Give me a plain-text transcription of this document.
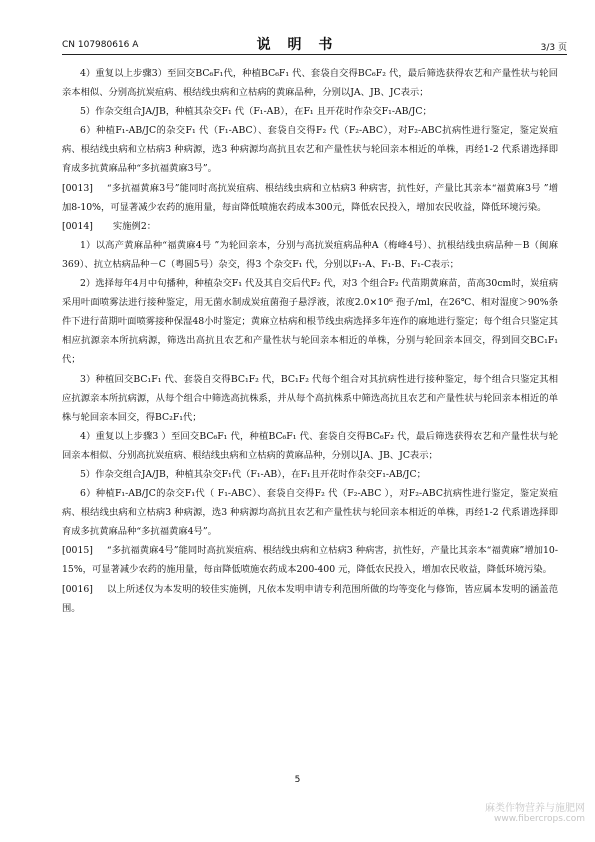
CN 107980616 A	说 明 书	3/3 页

4）重复以上步骤3）至回交BC₆F₁代，种植BC₆F₁ 代、套袋自交得BC₆F₂ 代，最后筛选获得农艺和产量性状与轮回亲本相似、分别高抗炭疽病、根结线虫病和立枯病的黄麻品种，分别以JA、JB、JC表示；

5）作杂交组合JA/JB，种植其杂交F₁ 代（F₁-AB），在F₁ 且开花时作杂交F₁-AB/JC；

6）种植F₁-AB/JC的杂交F₁ 代（F₁-ABC）、套袋自交得F₂ 代（F₂-ABC），对F₂-ABC抗病性进行鉴定，鉴定炭疽病、根结线虫病和立枯病3 种病源，选3 种病源均高抗且农艺和产量性状与轮回亲本相近的单株，再经1-2 代系谱选择即育成多抗黄麻品种“多抗福黄麻3号”。

[0013] “多抗福黄麻3号”能同时高抗炭疽病、根结线虫病和立枯病3 种病害，抗性好，产量比其亲本“福黄麻3号 ”增加8-10%，可显著减少农药的施用量，每亩降低喷施农药成本300元，降低农民投入，增加农民收益，降低环境污染。

[0014] 实施例2：

1）以高产黄麻品种“福黄麻4号 ”为轮回亲本，分别与高抗炭疽病品种A（梅峰4号）、抗根结线虫病品种－B（闽麻369）、抗立枯病品种－C（粤圆5号）杂交，得3 个杂交F₁ 代，分别以F₁-A、F₁-B、F₁-C表示；

2）选择每年4月中旬播种，种植杂交F₁ 代及其自交后代F₂ 代，对3 个组合F₂ 代苗期黄麻苗，苗高30cm时，炭疽病采用叶面喷雾法进行接种鉴定，用无菌水制成炭疽菌孢子悬浮液，浓度2.0×10⁶ 孢子/ml，在26℃、相对湿度＞90%条件下进行苗期叶面喷雾接种保湿48小时鉴定；黄麻立枯病和根节线虫病选择多年连作的麻地进行鉴定；每个组合只鉴定其相应抗源亲本所抗病源，筛选出高抗且农艺和产量性状与轮回亲本相近的单株，分别与轮回亲本回交，得到回交BC₁F₁代；

3）种植回交BC₁F₁ 代、套袋自交得BC₁F₂ 代，BC₁F₂ 代每个组合对其抗病性进行接种鉴定，每个组合只鉴定其相应抗源亲本所抗病源，从每个组合中筛选高抗株系，并从每个高抗株系中筛选高抗且农艺和产量性状与轮回亲本相近的单株与轮回亲本回交，得BC₂F₁代；

4）重复以上步骤3 ）至回交BC₆F₁ 代，种植BC₆F₁ 代、套袋自交得BC₆F₂ 代，最后筛选获得农艺和产量性状与轮回亲本相似、分别高抗炭疽病、根结线虫病和立枯病的黄麻品种，分别以JA、JB、JC表示；

5）作杂交组合JA/JB，种植其杂交F₁代（F₁-AB），在F₁且开花时作杂交F₁-AB/JC；

6）种植F₁-AB/JC的杂交F₁代（ F₁-ABC）、套袋自交得F₂ 代（F₂-ABC ），对F₂-ABC抗病性进行鉴定，鉴定炭疽病、根结线虫病和立枯病3 种病源，选3 种病源均高抗且农艺和产量性状与轮回亲本相近的单株，再经1-2 代系谱选择即育成多抗黄麻品种“多抗福黄麻4号”。

[0015] “多抗福黄麻4号”能同时高抗炭疽病、根结线虫病和立枯病3 种病害，抗性好，产量比其亲本“福黄麻”增加10-15%，可显著减少农药的施用量，每亩降低喷施农药成本200-400 元，降低农民投入，增加农民收益，降低环境污染。

[0016] 以上所述仅为本发明的较佳实施例，凡依本发明申请专利范围所做的均等变化与修饰，皆应属本发明的涵盖范围。

5
麻类作物营养与施肥网
www.fibercrops.com
